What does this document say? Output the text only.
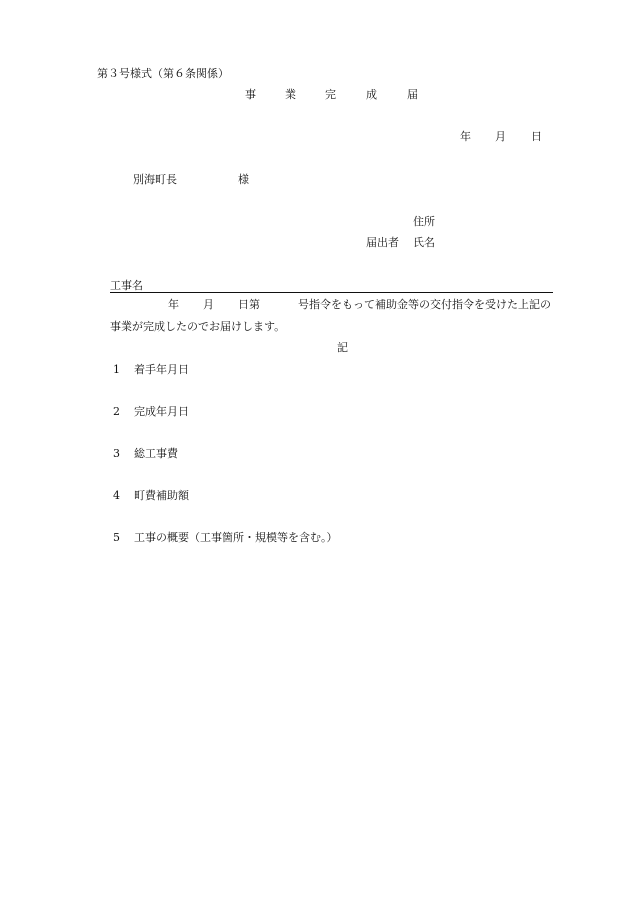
第３号様式（第６条関係）
事	業	完	成	届
年 月 日
別海町長	様
住所
届出者 氏名
工事名
年 月 日第	号指令をもって補助金等の交付指令を受けた上記の
事業が完成したのでお届けします。
記
1 着手年月日
2 完成年月日
3 総工事費
4 町費補助額
5 工事の概要（工事箇所・規模等を含む。）
